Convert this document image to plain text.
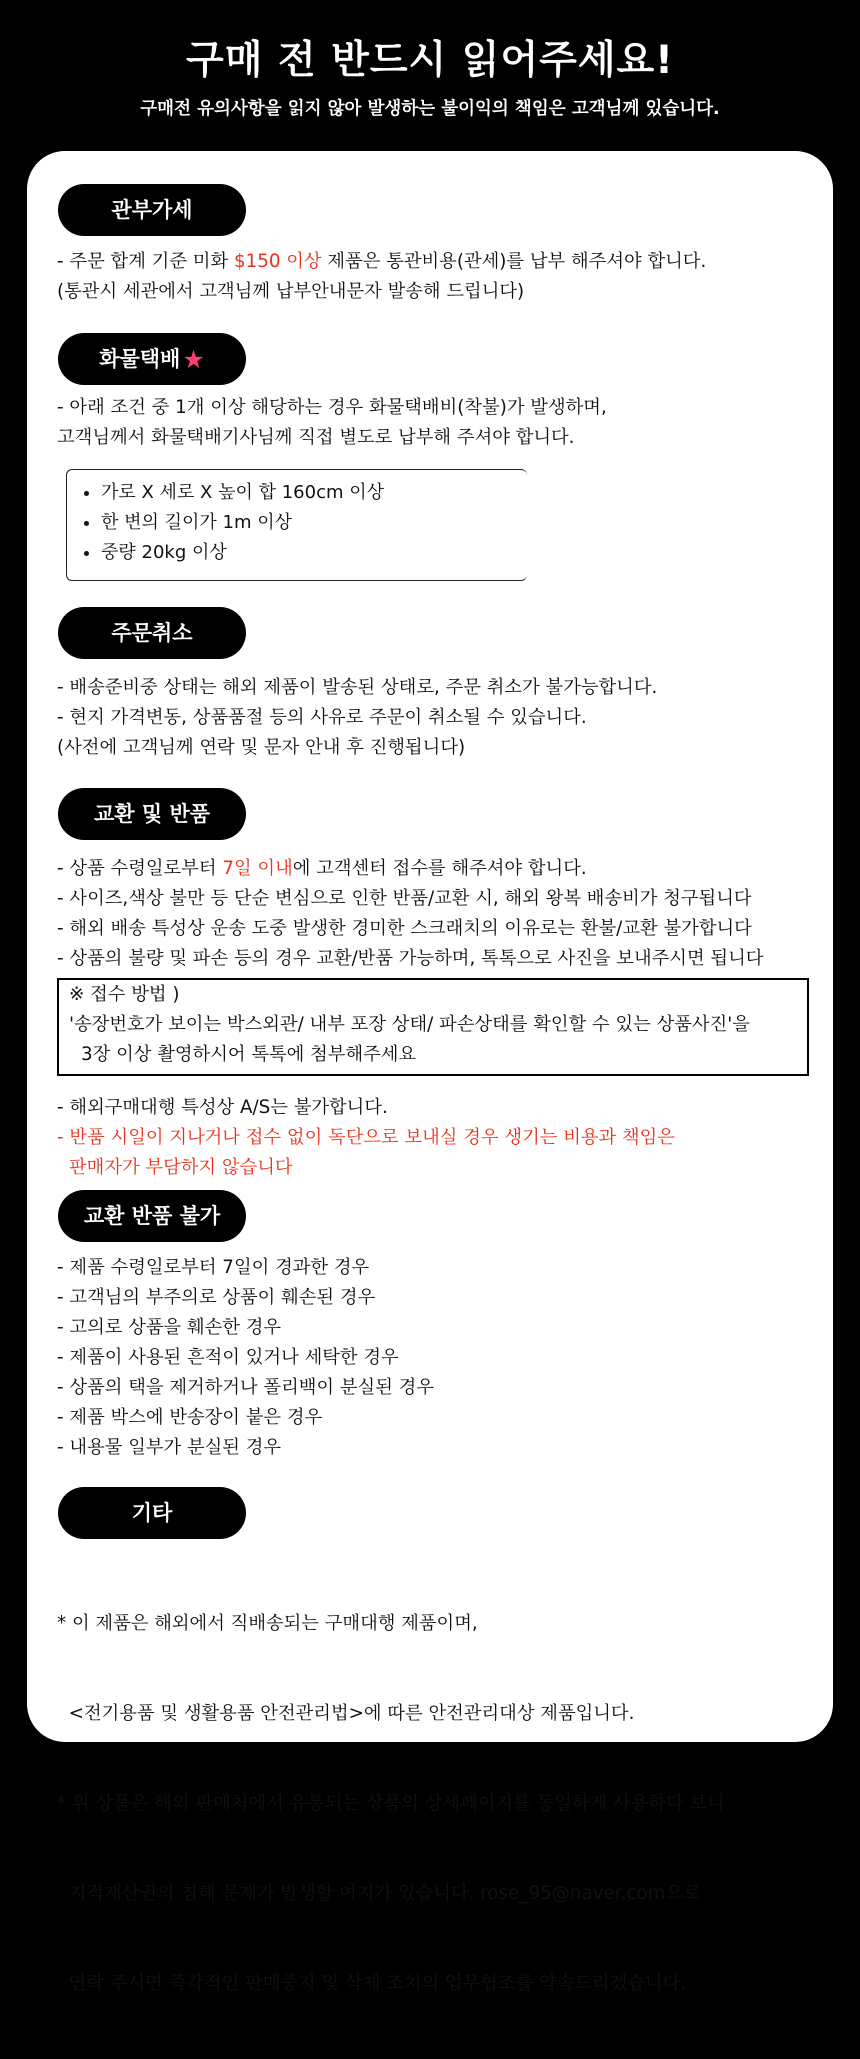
구매 전 반드시 읽어주세요!
구매전 유의사항을 읽지 않아 발생하는 불이익의 책임은 고객님께 있습니다.
관부가세
- 주문 합계 기준 미화 $150 이상 제품은 통관비용(관세)를 납부 해주셔야 합니다.
(통관시 세관에서 고객님께 납부안내문자 발송해 드립니다)
화물택배★
- 아래 조건 중 1개 이상 해당하는 경우 화물택배비(착불)가 발생하며,
고객님께서 화물택배기사님께 직접 별도로 납부해 주셔야 합니다.
• 가로 X 세로 X 높이 합 160cm 이상
• 한 변의 길이가 1m 이상
• 중량 20kg 이상
주문취소
- 배송준비중 상태는 해외 제품이 발송된 상태로, 주문 취소가 불가능합니다.
- 현지 가격변동, 상품품절 등의 사유로 주문이 취소될 수 있습니다.
(사전에 고객님께 연락 및 문자 안내 후 진행됩니다)
교환 및 반품
- 상품 수령일로부터 7일 이내에 고객센터 접수를 해주셔야 합니다.
- 사이즈,색상 불만 등 단순 변심으로 인한 반품/교환 시, 해외 왕복 배송비가 청구됩니다
- 해외 배송 특성상 운송 도중 발생한 경미한 스크래치의 이유로는 환불/교환 불가합니다
- 상품의 불량 및 파손 등의 경우 교환/반품 가능하며, 톡톡으로 사진을 보내주시면 됩니다
※ 접수 방법 )
'송장번호가 보이는 박스외관/ 내부 포장 상태/ 파손상태를 확인할 수 있는 상품사진'을
3장 이상 촬영하시어 톡톡에 첨부해주세요
- 해외구매대행 특성상 A/S는 불가합니다.
- 반품 시일이 지나거나 접수 없이 독단으로 보내실 경우 생기는 비용과 책임은
판매자가 부담하지 않습니다
교환 반품 불가
- 제품 수령일로부터 7일이 경과한 경우
- 고객님의 부주의로 상품이 훼손된 경우
- 고의로 상품을 훼손한 경우
- 제품이 사용된 흔적이 있거나 세탁한 경우
- 상품의 택을 제거하거나 폴리백이 분실된 경우
- 제품 박스에 반송장이 붙은 경우
- 내용물 일부가 분실된 경우
기타

* 이 제품은 해외에서 직배송되는 구매대행 제품이며,

<전기용품 및 생활용품 안전관리법>에 따른 안전관리대상 제품입니다.

* 위 상품은 해외 판매처에서 유통되는 상품의 상세페이지를 동일하게 사용하다 보니

지적재산권의 침해 문제가 발생할 여지가 있습니다. rose_95@naver.com으로

연락 주시면 즉각적인 판매중지 및 삭제 조치의 업무협조를 약속드리겠습니다.
